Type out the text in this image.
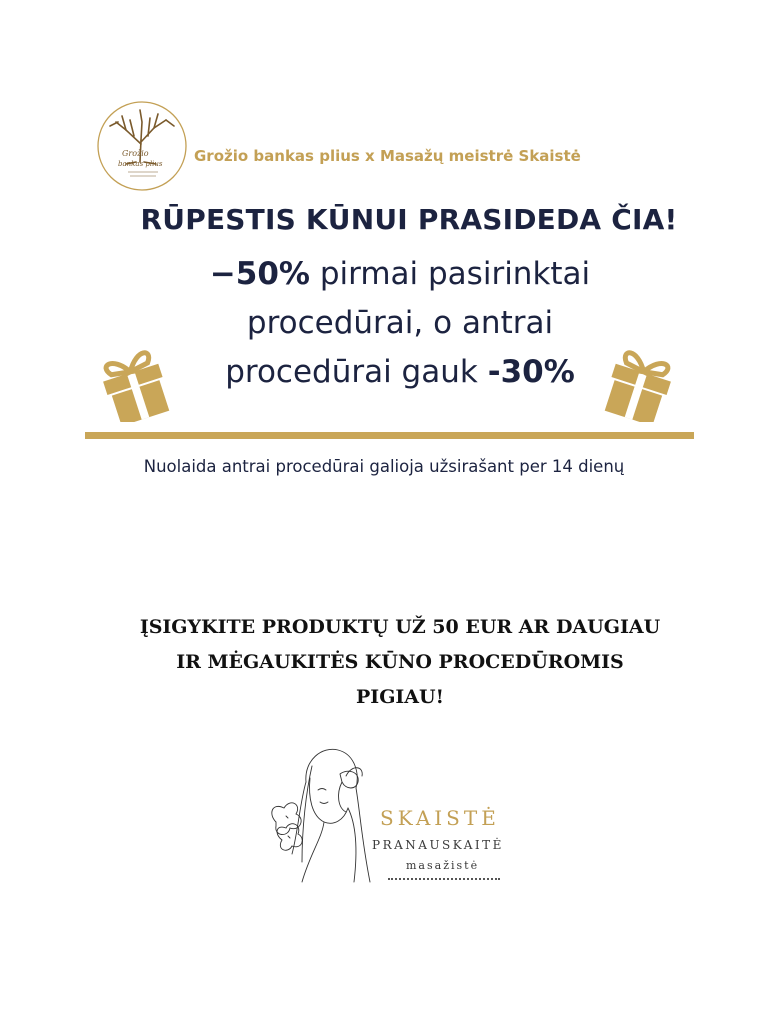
Grožio
bankas plius Grožio bankas plius x Masažų meistrė Skaistė
RŪPESTIS KŪNUI PRASIDEDA ČIA!
−50% pirmai pasirinktai
procedūrai, o antrai
procedūrai gauk -30%
Nuolaida antrai procedūrai galioja užsirašant per 14 dienų
ĮSIGYKITE PRODUKTŲ UŽ 50 EUR AR DAUGIAU
IR MĖGAUKITĖS KŪNO PROCEDŪROMIS
PIGIAU!
SKAISTĖ
PRANAUSKAITĖ
masažistė
